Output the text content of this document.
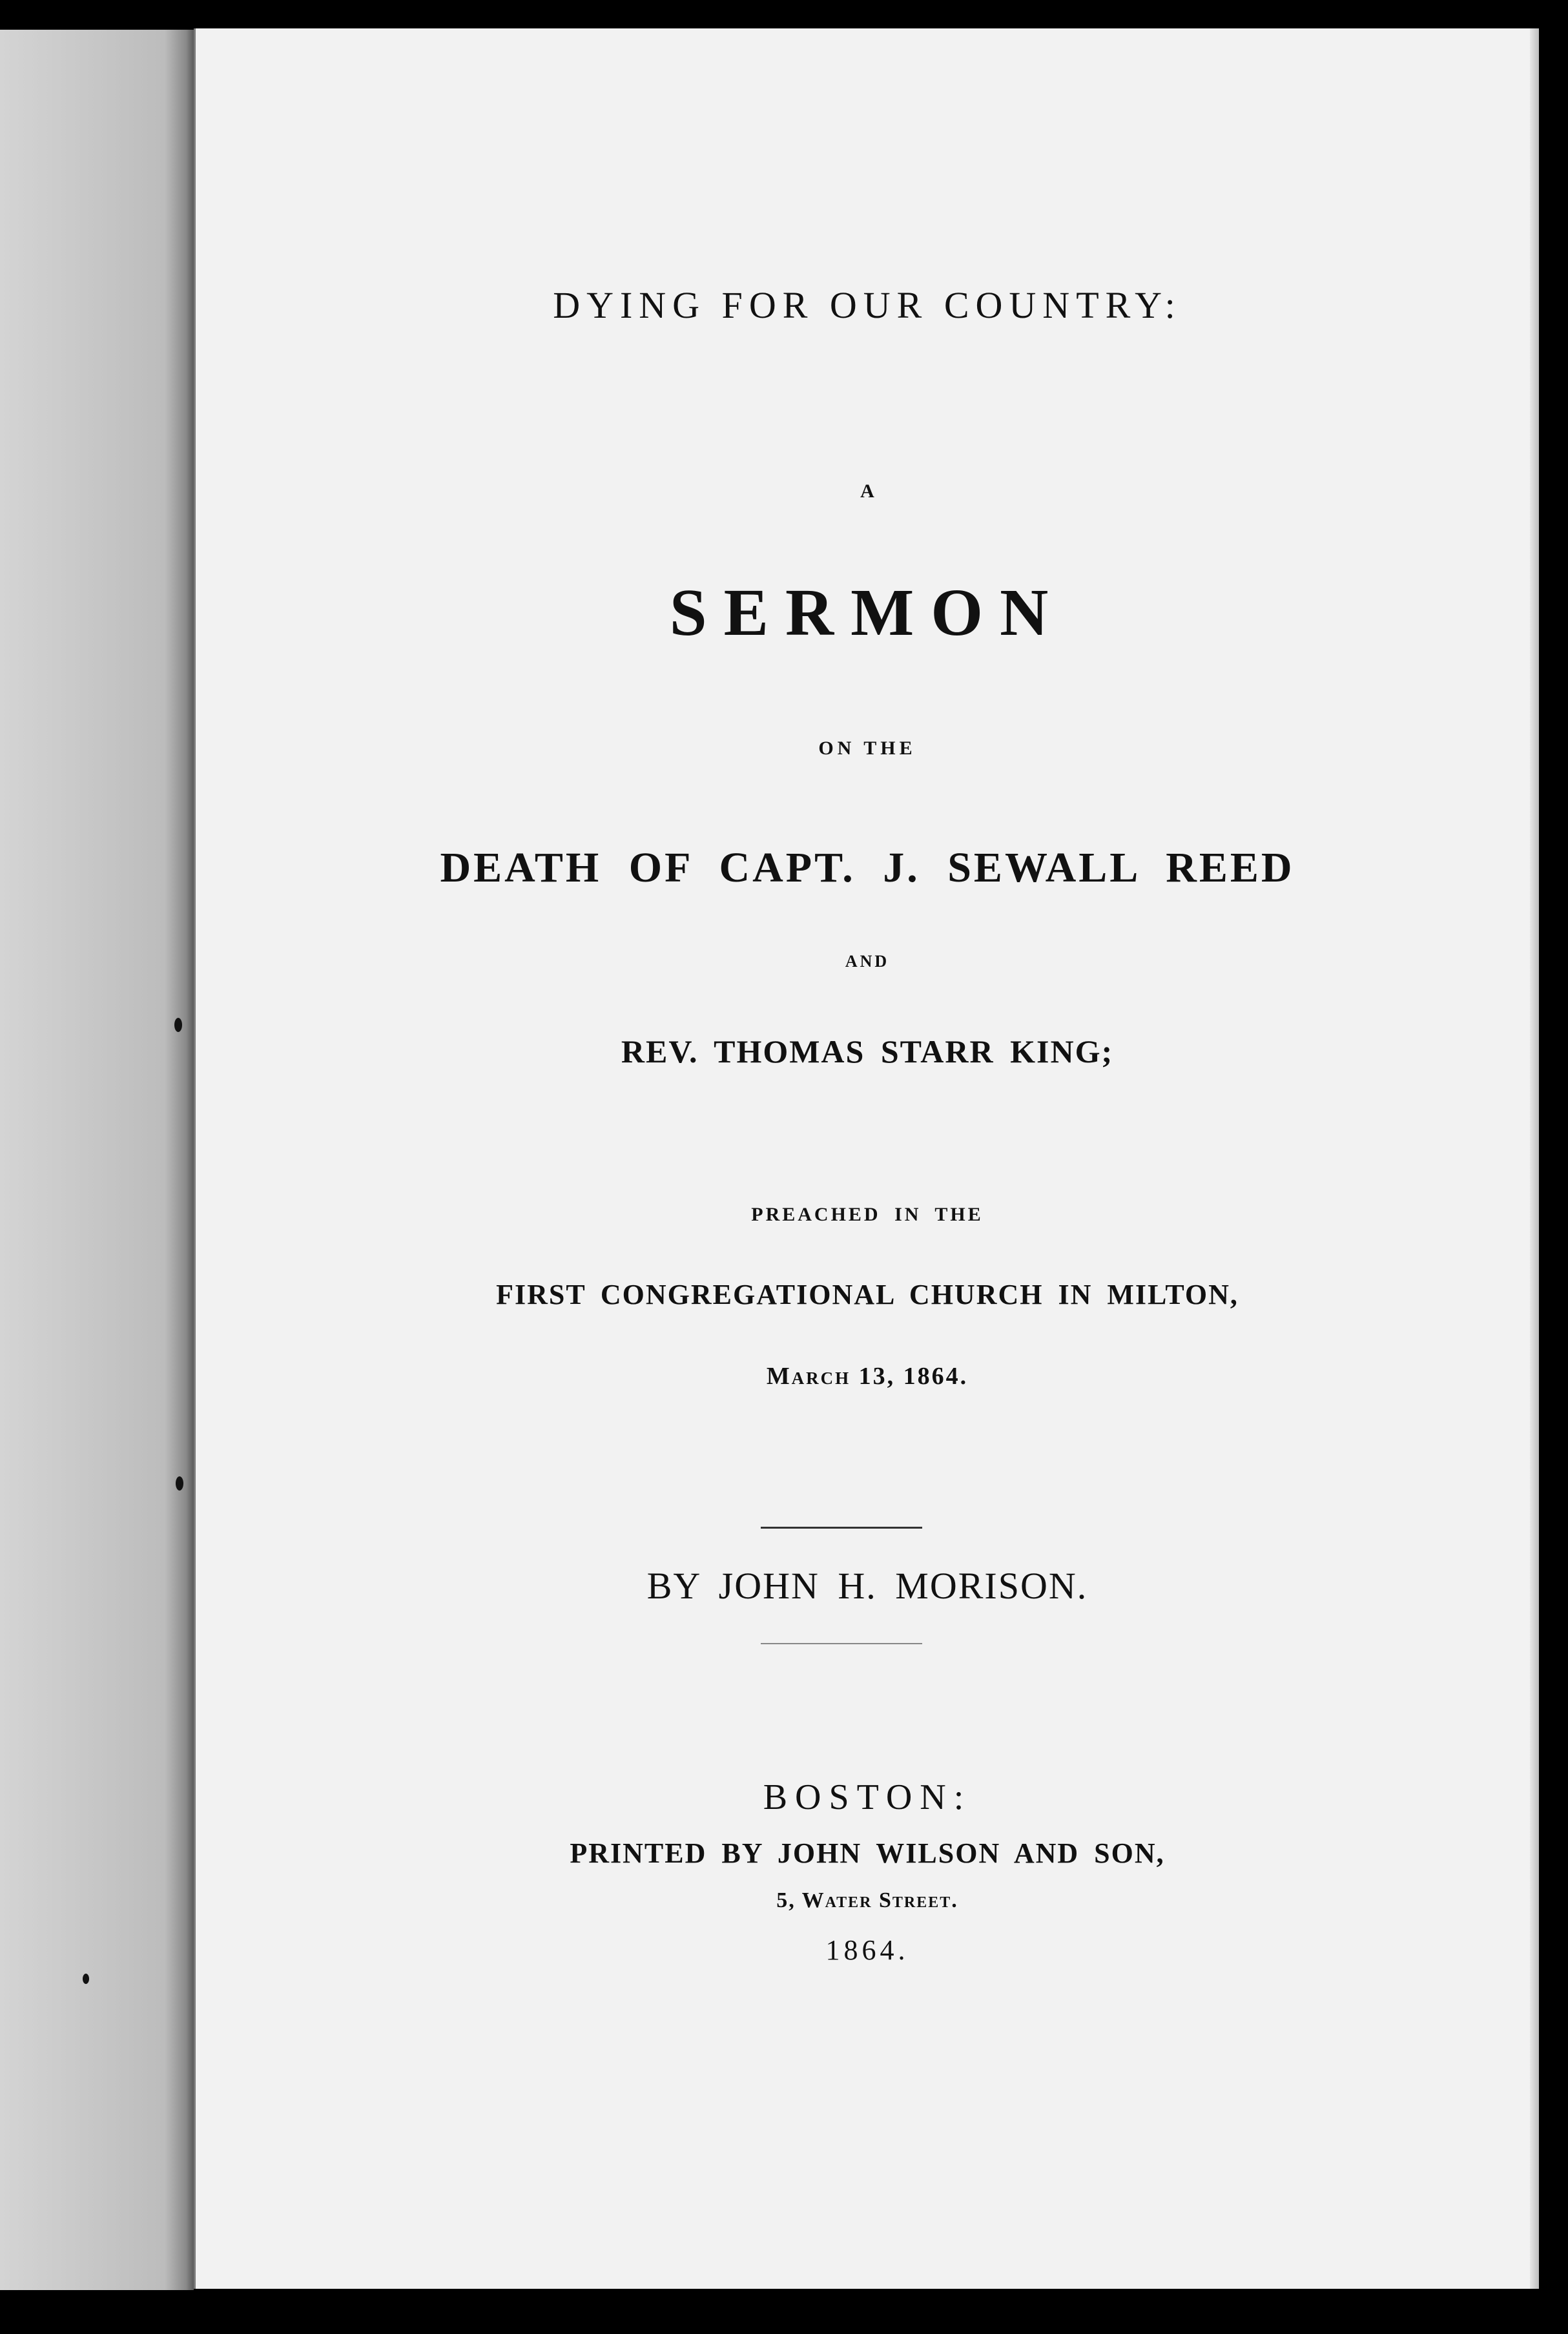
DYING FOR OUR COUNTRY:
A
SERMON
ON THE
DEATH OF CAPT. J. SEWALL REED
AND
REV. THOMAS STARR KING;
PREACHED IN THE
FIRST CONGREGATIONAL CHURCH IN MILTON,
March 13, 1864.
BY JOHN H. MORISON.
BOSTON:
PRINTED BY JOHN WILSON AND SON,
5, Water Street.
1864.
